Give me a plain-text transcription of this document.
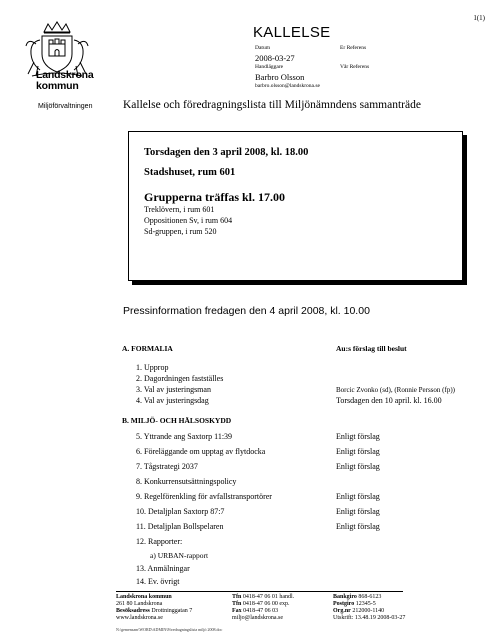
Landskrona
kommun
Miljöförvaltningen
1(1)
KALLELSE
Datum	Er Referens
2008-03-27
Handläggare	Vår Referens
Barbro Olsson
barbro.olsson@landskrona.se
Kallelse och föredragningslista till Miljönämndens sammanträde
Torsdagen den 3 april 2008, kl. 18.00
Stadshuset, rum 601
Grupperna träffas kl. 17.00
Treklövern, i rum 601
Oppositionen Sv, i rum 604
Sd-gruppen, i rum 520
Pressinformation fredagen den 4 april 2008, kl. 10.00
A. FORMALIA	Au:s förslag till beslut
1. Upprop
2. Dagordningen fastställes
3. Val av justeringsman	Borcic Zvonko (sd), (Ronnie Persson (fp))
4. Val av justeringsdag	Torsdagen den 10 april. kl. 16.00
B. MILJÖ- OCH HÄLSOSKYDD
5. Yttrande ang Saxtorp 11:39	Enligt förslag
6. Föreläggande om upptag av flytdocka	Enligt förslag
7. Tågstrategi 2037	Enligt förslag
8. Konkurrensutsättningspolicy
9. Regelförenkling för avfallstransportörer	Enligt förslag
10. Detaljplan Saxtorp 87:7	Enligt förslag
11. Detaljplan Bollspelaren	Enligt förslag
12. Rapporter:
a) URBAN-rapport
13. Anmälningar
14. Ev. övrigt
N:\gemensam\WORD\ADMIN\Föredragningslista miljö 2008.doc
Landskrona kommun
261 80 Landskrona
Besöksadress Drottninggatan 7
www.landskrona.se
Tfn 0418-47 06 01 handl.
Tfn 0418-47 06 00 exp.
Fax 0418-47 06 03
miljo@landskrona.se
Bankgiro 868-6123
Postgiro 12345-5
Org.nr 212000-1140
Utskrift: 13.48.19 2008-03-27
